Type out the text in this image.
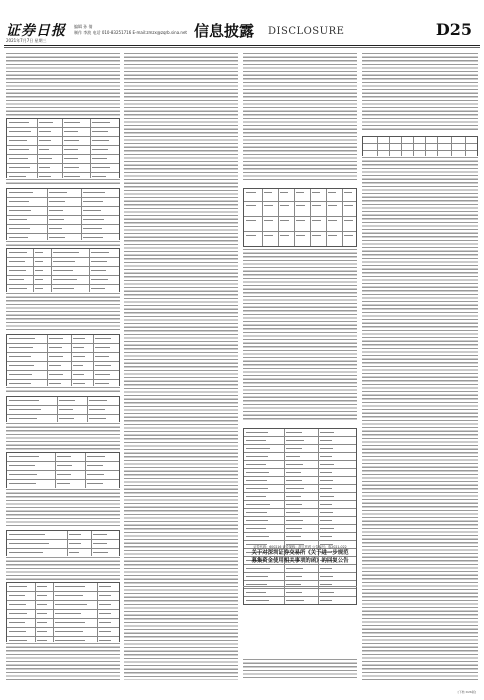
证券日报
2021年7月7日 星期三
编辑 孙 倩
制作 李波 电话 010-83251716 E-mail:zmzx@zqrb.sina.net 信息披露 DISCLOSURE	D25
证券代码：600216 证券简称：浙江医药 公告编号：临2021-022
关于对深圳证券交易所《关于进一步规范
募集资金使用相关事项的函》的回复公告
[下转 D26版]
